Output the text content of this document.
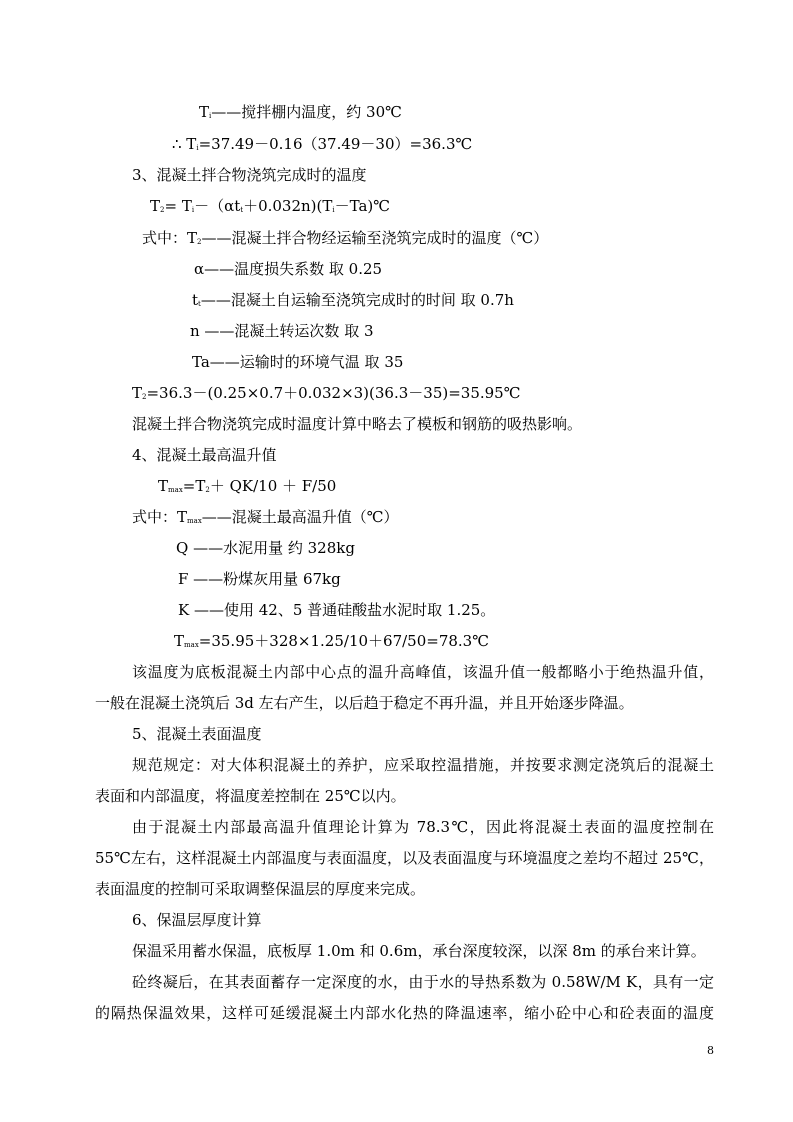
$T_i——$搅拌棚内温度，约 30℃
∴ $T_i=37.49-0.16(37.49-30)=36.3℃$
3、混凝土拌合物浇筑完成时的温度
$T_2=$ $T_i-(\alpha t_t+0.032n)(T_i-Ta)℃$
式中：$T_2——$混凝土拌合物经运输至浇筑完成时的温度（℃）
α——温度损失系数 取 0.25
$t_t——$混凝土自运输至浇筑完成时的时间 取 0.7h
n ——混凝土转运次数 取 3
Ta——运输时的环境气温 取 35
$T_2=36.3-(0.25\times 0.7+0.032\times 3)(36.3-35)=35.95℃$
混凝土拌合物浇筑完成时温度计算中略去了模板和钢筋的吸热影响。
4、混凝土最高温升值
$T_{max}=T_2+ QK/10 + F/50$
式中：$T_{max}——$混凝土最高温升值（℃）
Q ——水泥用量 约 328kg
F ——粉煤灰用量 67kg
K ——使用 42、5 普通硅酸盐水泥时取 1.25。
$T_{max}=35.95+328\times 1.25/10+67/50=78.3℃$
该温度为底板混凝土内部中心点的温升高峰值，该温升值一般都略小于绝热温升值，
一般在混凝土浇筑后 3d 左右产生，以后趋于稳定不再升温，并且开始逐步降温。
5、混凝土表面温度
规范规定：对大体积混凝土的养护，应采取控温措施，并按要求测定浇筑后的混凝土
表面和内部温度，将温度差控制在 25℃以内。
由于混凝土内部最高温升值理论计算为 78.3℃，因此将混凝土表面的温度控制在
55℃左右，这样混凝土内部温度与表面温度，以及表面温度与环境温度之差均不超过 25℃，
表面温度的控制可采取调整保温层的厚度来完成。
6、保温层厚度计算
保温采用蓄水保温，底板厚 1.0m 和 0.6m，承台深度较深，以深 8m 的承台来计算。
砼终凝后，在其表面蓄存一定深度的水，由于水的导热系数为 0.58W/M K，具有一定
的隔热保温效果，这样可延缓混凝土内部水化热的降温速率，缩小砼中心和砼表面的温度
8
